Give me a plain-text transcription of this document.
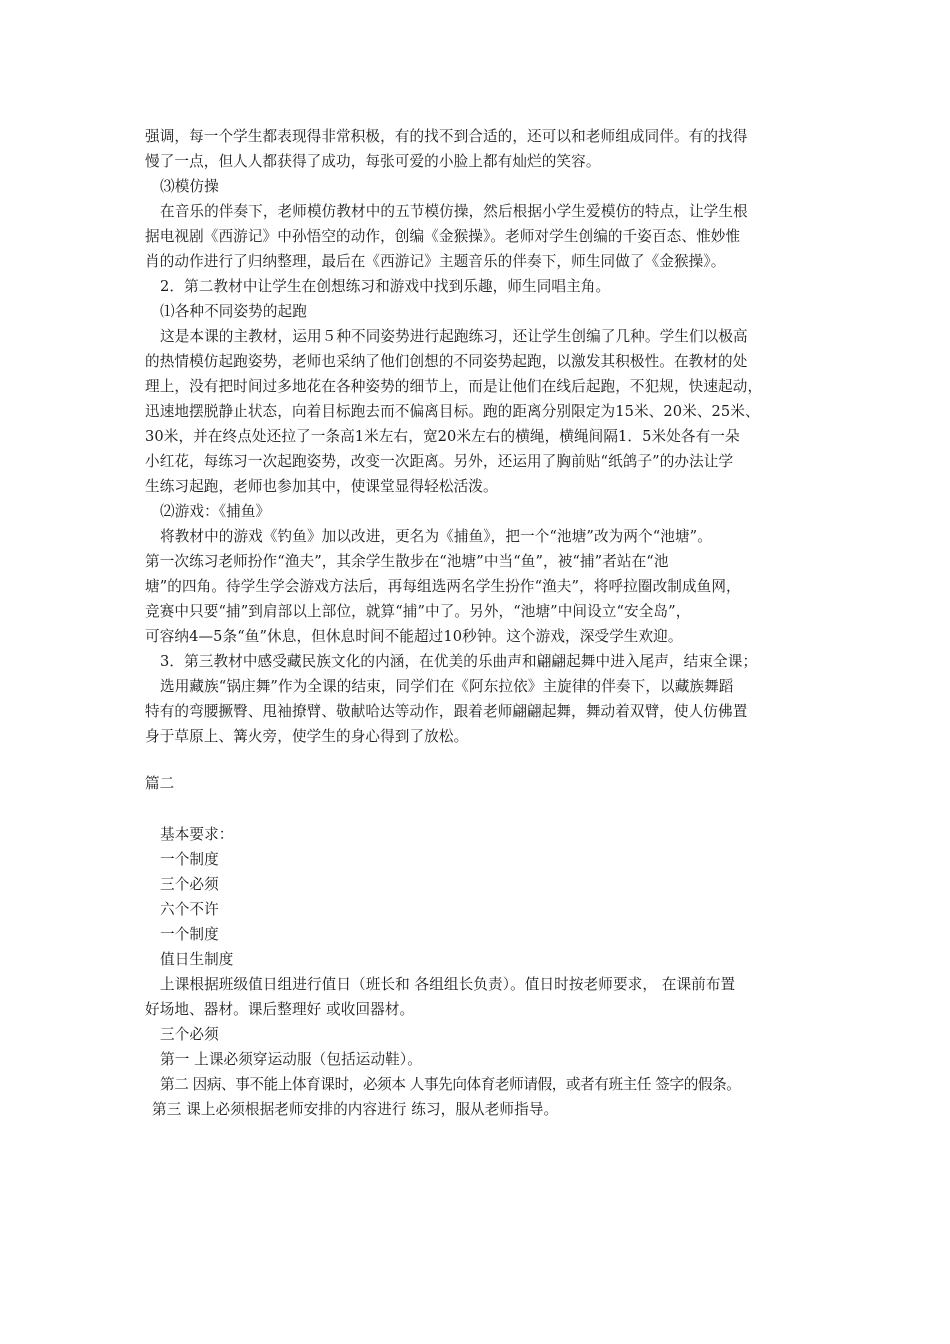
强调，每一个学生都表现得非常积极，有的找不到合适的，还可以和老师组成同伴。有的找得
慢了一点，但人人都获得了成功，每张可爱的小脸上都有灿烂的笑容。
⑶模仿操
在音乐的伴奏下，老师模仿教材中的五节模仿操，然后根据小学生爱模仿的特点，让学生根
据电视剧《西游记》中孙悟空的动作，创编《金猴操》。老师对学生创编的千姿百态、惟妙惟
肖的动作进行了归纳整理，最后在《西游记》主题音乐的伴奏下，师生同做了《金猴操》。
2．第二教材中让学生在创想练习和游戏中找到乐趣，师生同唱主角。
⑴各种不同姿势的起跑
这是本课的主教材，运用５种不同姿势进行起跑练习，还让学生创编了几种。学生们以极高
的热情模仿起跑姿势，老师也采纳了他们创想的不同姿势起跑，以激发其积极性。在教材的处
理上，没有把时间过多地花在各种姿势的细节上，而是让他们在线后起跑，不犯规，快速起动，
迅速地摆脱静止状态，向着目标跑去而不偏离目标。跑的距离分别限定为15米、20米、25米、
30米，并在终点处还拉了一条高1米左右，宽20米左右的横绳，横绳间隔1．5米处各有一朵
小红花，每练习一次起跑姿势，改变一次距离。另外，还运用了胸前贴“纸鸽子”的办法让学
生练习起跑，老师也参加其中，使课堂显得轻松活泼。
⑵游戏：《捕鱼》
将教材中的游戏《钓鱼》加以改进，更名为《捕鱼》，把一个“池塘”改为两个“池塘”。
第一次练习老师扮作“渔夫”，其余学生散步在“池塘”中当“鱼”，被“捕”者站在“池
塘”的四角。待学生学会游戏方法后，再每组选两名学生扮作“渔夫”，将呼拉圈改制成鱼网，
竞赛中只要“捕”到肩部以上部位，就算“捕”中了。另外，“池塘”中间设立“安全岛”，
可容纳4—5条“鱼”休息，但休息时间不能超过10秒钟。这个游戏，深受学生欢迎。
3．第三教材中感受藏民族文化的内涵，在优美的乐曲声和翩翩起舞中进入尾声，结束全课；
选用藏族“锅庄舞”作为全课的结束，同学们在《阿东拉依》主旋律的伴奏下，以藏族舞蹈
特有的弯腰撅臀、甩袖撩臂、敬献哈达等动作，跟着老师翩翩起舞，舞动着双臂，使人仿佛置
身于草原上、篝火旁，使学生的身心得到了放松。
篇二
基本要求：
一个制度
三个必须
六个不许
一个制度
值日生制度
上课根据班级值日组进行值日（班长和 各组组长负责）。值日时按老师要求， 在课前布置
好场地、器材。课后整理好 或收回器材。
三个必须
第一 上课必须穿运动服（包括运动鞋）。
第二 因病、事不能上体育课时，必须本 人事先向体育老师请假，或者有班主任 签字的假条。
第三 课上必须根据老师安排的内容进行 练习，服从老师指导。
